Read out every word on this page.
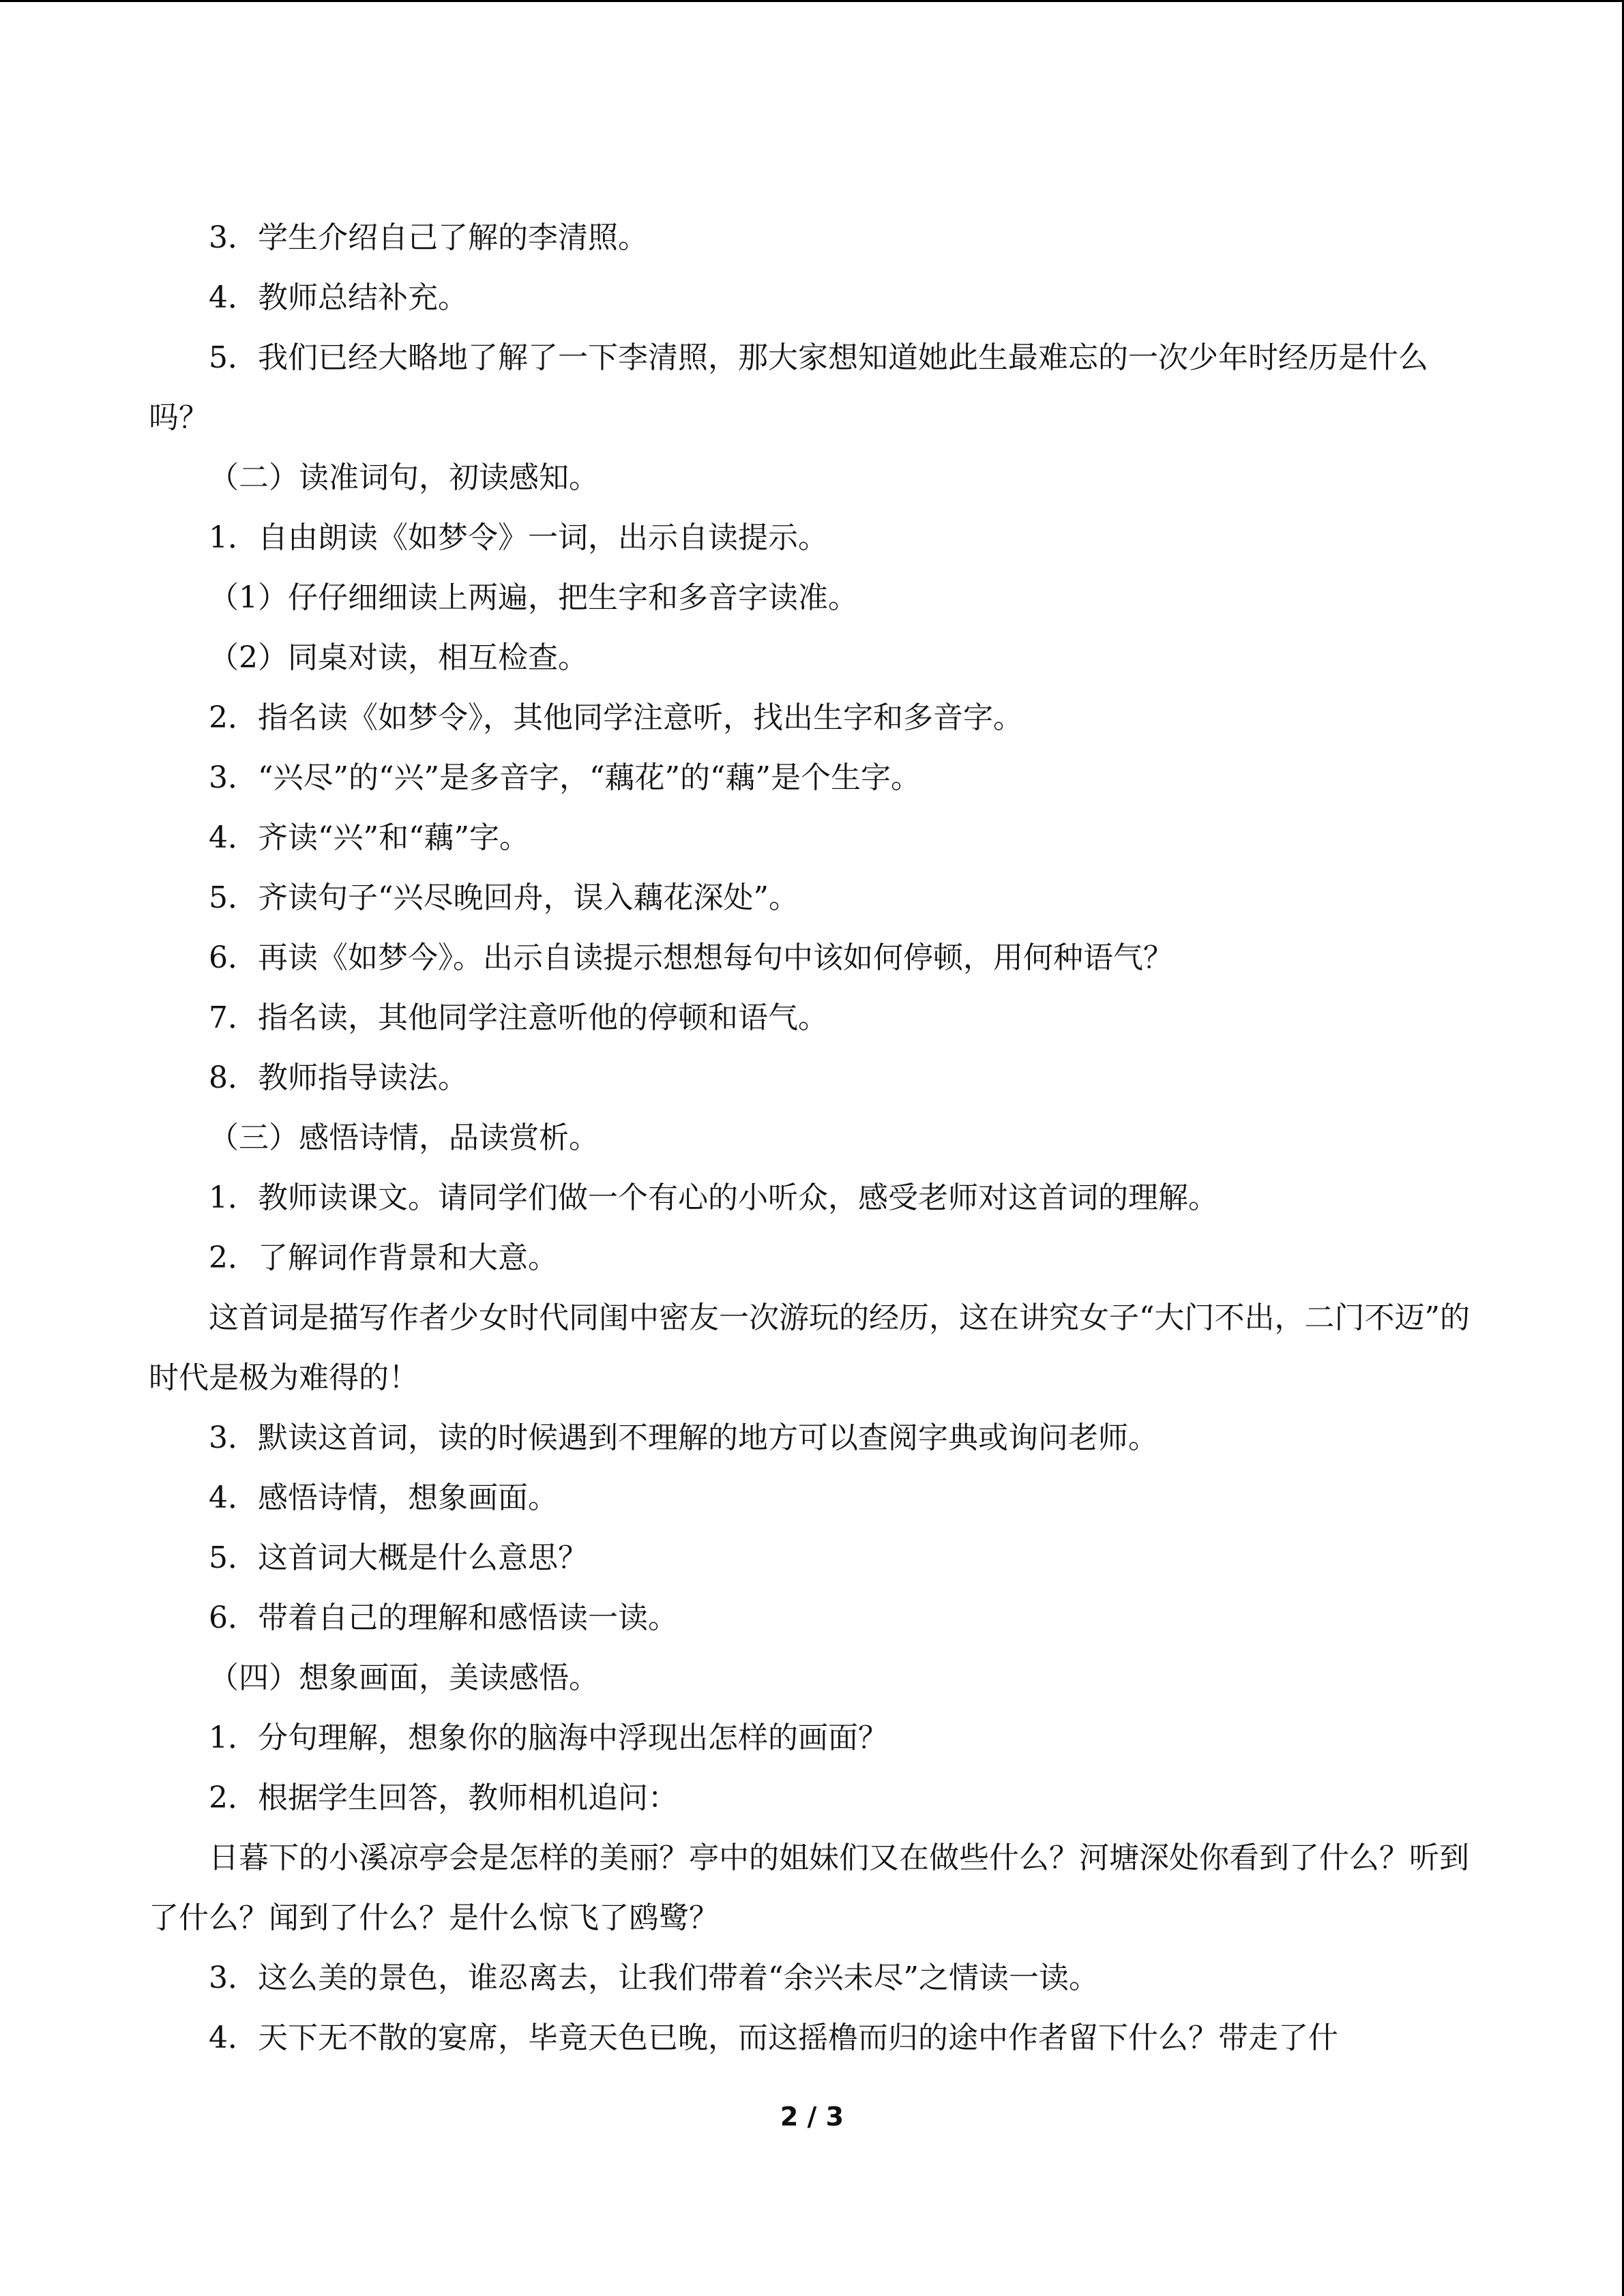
3．学生介绍自己了解的李清照。

4．教师总结补充。

5．我们已经大略地了解了一下李清照，那大家想知道她此生最难忘的一次少年时经历是什么吗？

（二）读准词句，初读感知。

1．自由朗读《如梦令》一词，出示自读提示。

（1）仔仔细细读上两遍，把生字和多音字读准。

（2）同桌对读，相互检查。

2．指名读《如梦令》，其他同学注意听，找出生字和多音字。

3．“兴尽”的“兴”是多音字，“藕花”的“藕”是个生字。

4．齐读“兴”和“藕”字。

5．齐读句子“兴尽晚回舟，误入藕花深处”。

6．再读《如梦今》。出示自读提示想想每句中该如何停顿，用何种语气？

7．指名读，其他同学注意听他的停顿和语气。

8．教师指导读法。

（三）感悟诗情，品读赏析。

1．教师读课文。请同学们做一个有心的小听众，感受老师对这首词的理解。

2．了解词作背景和大意。

这首词是描写作者少女时代同闺中密友一次游玩的经历，这在讲究女子“大门不出，二门不迈”的时代是极为难得的！

3．默读这首词，读的时候遇到不理解的地方可以查阅字典或询问老师。

4．感悟诗情，想象画面。

5．这首词大概是什么意思？

6．带着自己的理解和感悟读一读。

（四）想象画面，美读感悟。

1．分句理解，想象你的脑海中浮现出怎样的画面？

2．根据学生回答，教师相机追问：

日暮下的小溪凉亭会是怎样的美丽？亭中的姐妹们又在做些什么？河塘深处你看到了什么？听到了什么？闻到了什么？是什么惊飞了鸥鹭？

3．这么美的景色，谁忍离去，让我们带着“余兴未尽”之情读一读。

4．天下无不散的宴席，毕竟天色已晚，而这摇橹而归的途中作者留下什么？带走了什

2 / 3
